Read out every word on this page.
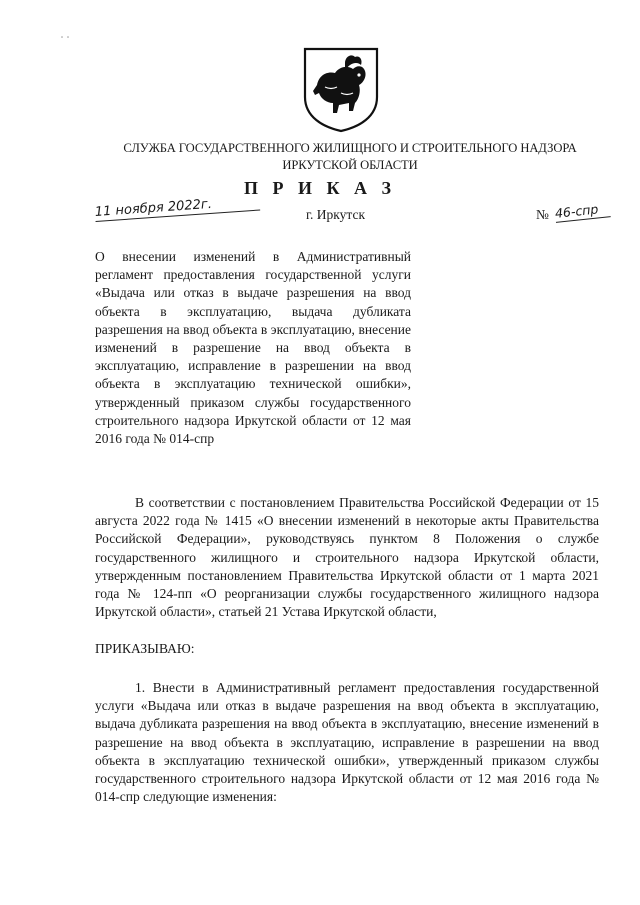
СЛУЖБА ГОСУДАРСТВЕННОГО ЖИЛИЩНОГО И СТРОИТЕЛЬНОГО НАДЗОРА
ИРКУТСКОЙ ОБЛАСТИ
П Р И К А З
11 ноября 2022г.	г. Иркутск	№ 46-спр
О внесении изменений в Административный регламент предоставления государственной услуги «Выдача или отказ в выдаче разрешения на ввод объекта в эксплуатацию, выдача дубликата разрешения на ввод объекта в эксплуатацию, внесение изменений в разрешение на ввод объекта в эксплуатацию, исправление в разрешении на ввод объекта в эксплуатацию технической ошибки», утвержденный приказом службы государственного строительного надзора Иркутской области от 12 мая 2016 года № 014-спр
В соответствии с постановлением Правительства Российской Федерации от 15 августа 2022 года № 1415 «О внесении изменений в некоторые акты Правительства Российской Федерации», руководствуясь пунктом 8 Положения о службе государственного жилищного и строительного надзора Иркутской области, утвержденным постановлением Правительства Иркутской области от 1 марта 2021 года № 124-пп «О реорганизации службы государственного жилищного надзора Иркутской области», статьей 21 Устава Иркутской области,
ПРИКАЗЫВАЮ:
1. Внести в Административный регламент предоставления государственной услуги «Выдача или отказ в выдаче разрешения на ввод объекта в эксплуатацию, выдача дубликата разрешения на ввод объекта в эксплуатацию, внесение изменений в разрешение на ввод объекта в эксплуатацию, исправление в разрешении на ввод объекта в эксплуатацию технической ошибки», утвержденный приказом службы государственного строительного надзора Иркутской области от 12 мая 2016 года № 014-спр следующие изменения:
